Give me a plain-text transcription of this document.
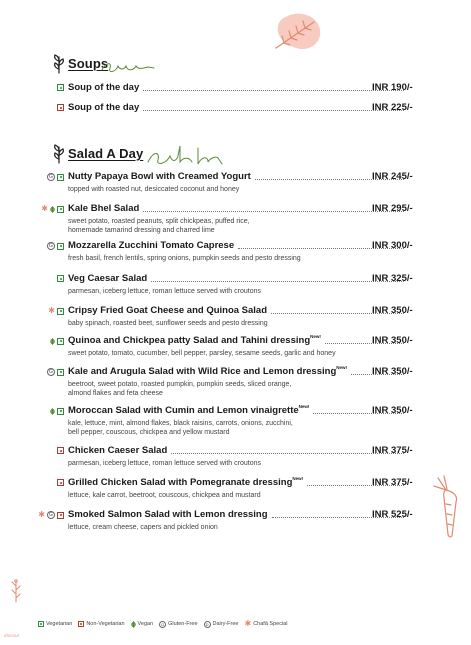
Soups
Soup of the day	INR 190/-
Soup of the day	INR 225/-
Salad A Day
G Nutty Papaya Bowl with Creamed Yogurt	INR 245/-
topped with roasted nut, desiccated coconut and honey
✱ Kale Bhel Salad	INR 295/-
sweet potato, roasted peanuts, split chickpeas, puffed rice,
homemade tamarind dressing and charred lime
G Mozzarella Zucchini Tomato Caprese	INR 300/-
fresh basil, french lentils, spring onions, pumpkin seeds and pesto dressing
Veg Caesar Salad	INR 325/-
parmesan, iceberg lettuce, roman lettuce served with croutons
✱ Cripsy Fried Goat Cheese and Quinoa Salad	INR 350/-
baby spinach, roasted beet, sunflower seeds and pesto dressing
Quinoa and Chickpea patty Salad and Tahini dressing$^{New!}$	INR 350/-
sweet potato, tomato, cucumber, bell pepper, parsley, sesame seeds, garlic and honey
G Kale and Arugula Salad with Wild Rice and Lemon dressing$^{New!}$	INR 350/-
beetroot, sweet potato, roasted pumpkin, pumpkin seeds, sliced orange,
almond flakes and feta cheese
Moroccan Salad with Cumin and Lemon vinaigrette$^{New!}$	INR 350/-
kale, lettuce, mint, almond flakes, black raisins, carrots, onions, zucchini,
bell pepper, couscous, chickpea and yellow mustard
Chicken Caeser Salad	INR 375/-
parmesan, iceberg lettuce, roman lettuce served with croutons
Grilled Chicken Salad with Pomegranate dressing$^{New!}$	INR 375/-
lettuce, kale carrot, beetroot, couscous, chickpea and mustard
✱ G Smoked Salmon Salad with Lemon dressing	INR 525/-
lettuce, cream cheese, capers and pickled onion
Vegetarian	Non-Vegetarian Vegan	G Gluten-Free	D Dairy-Free ✱ Chafā Special
dineout
